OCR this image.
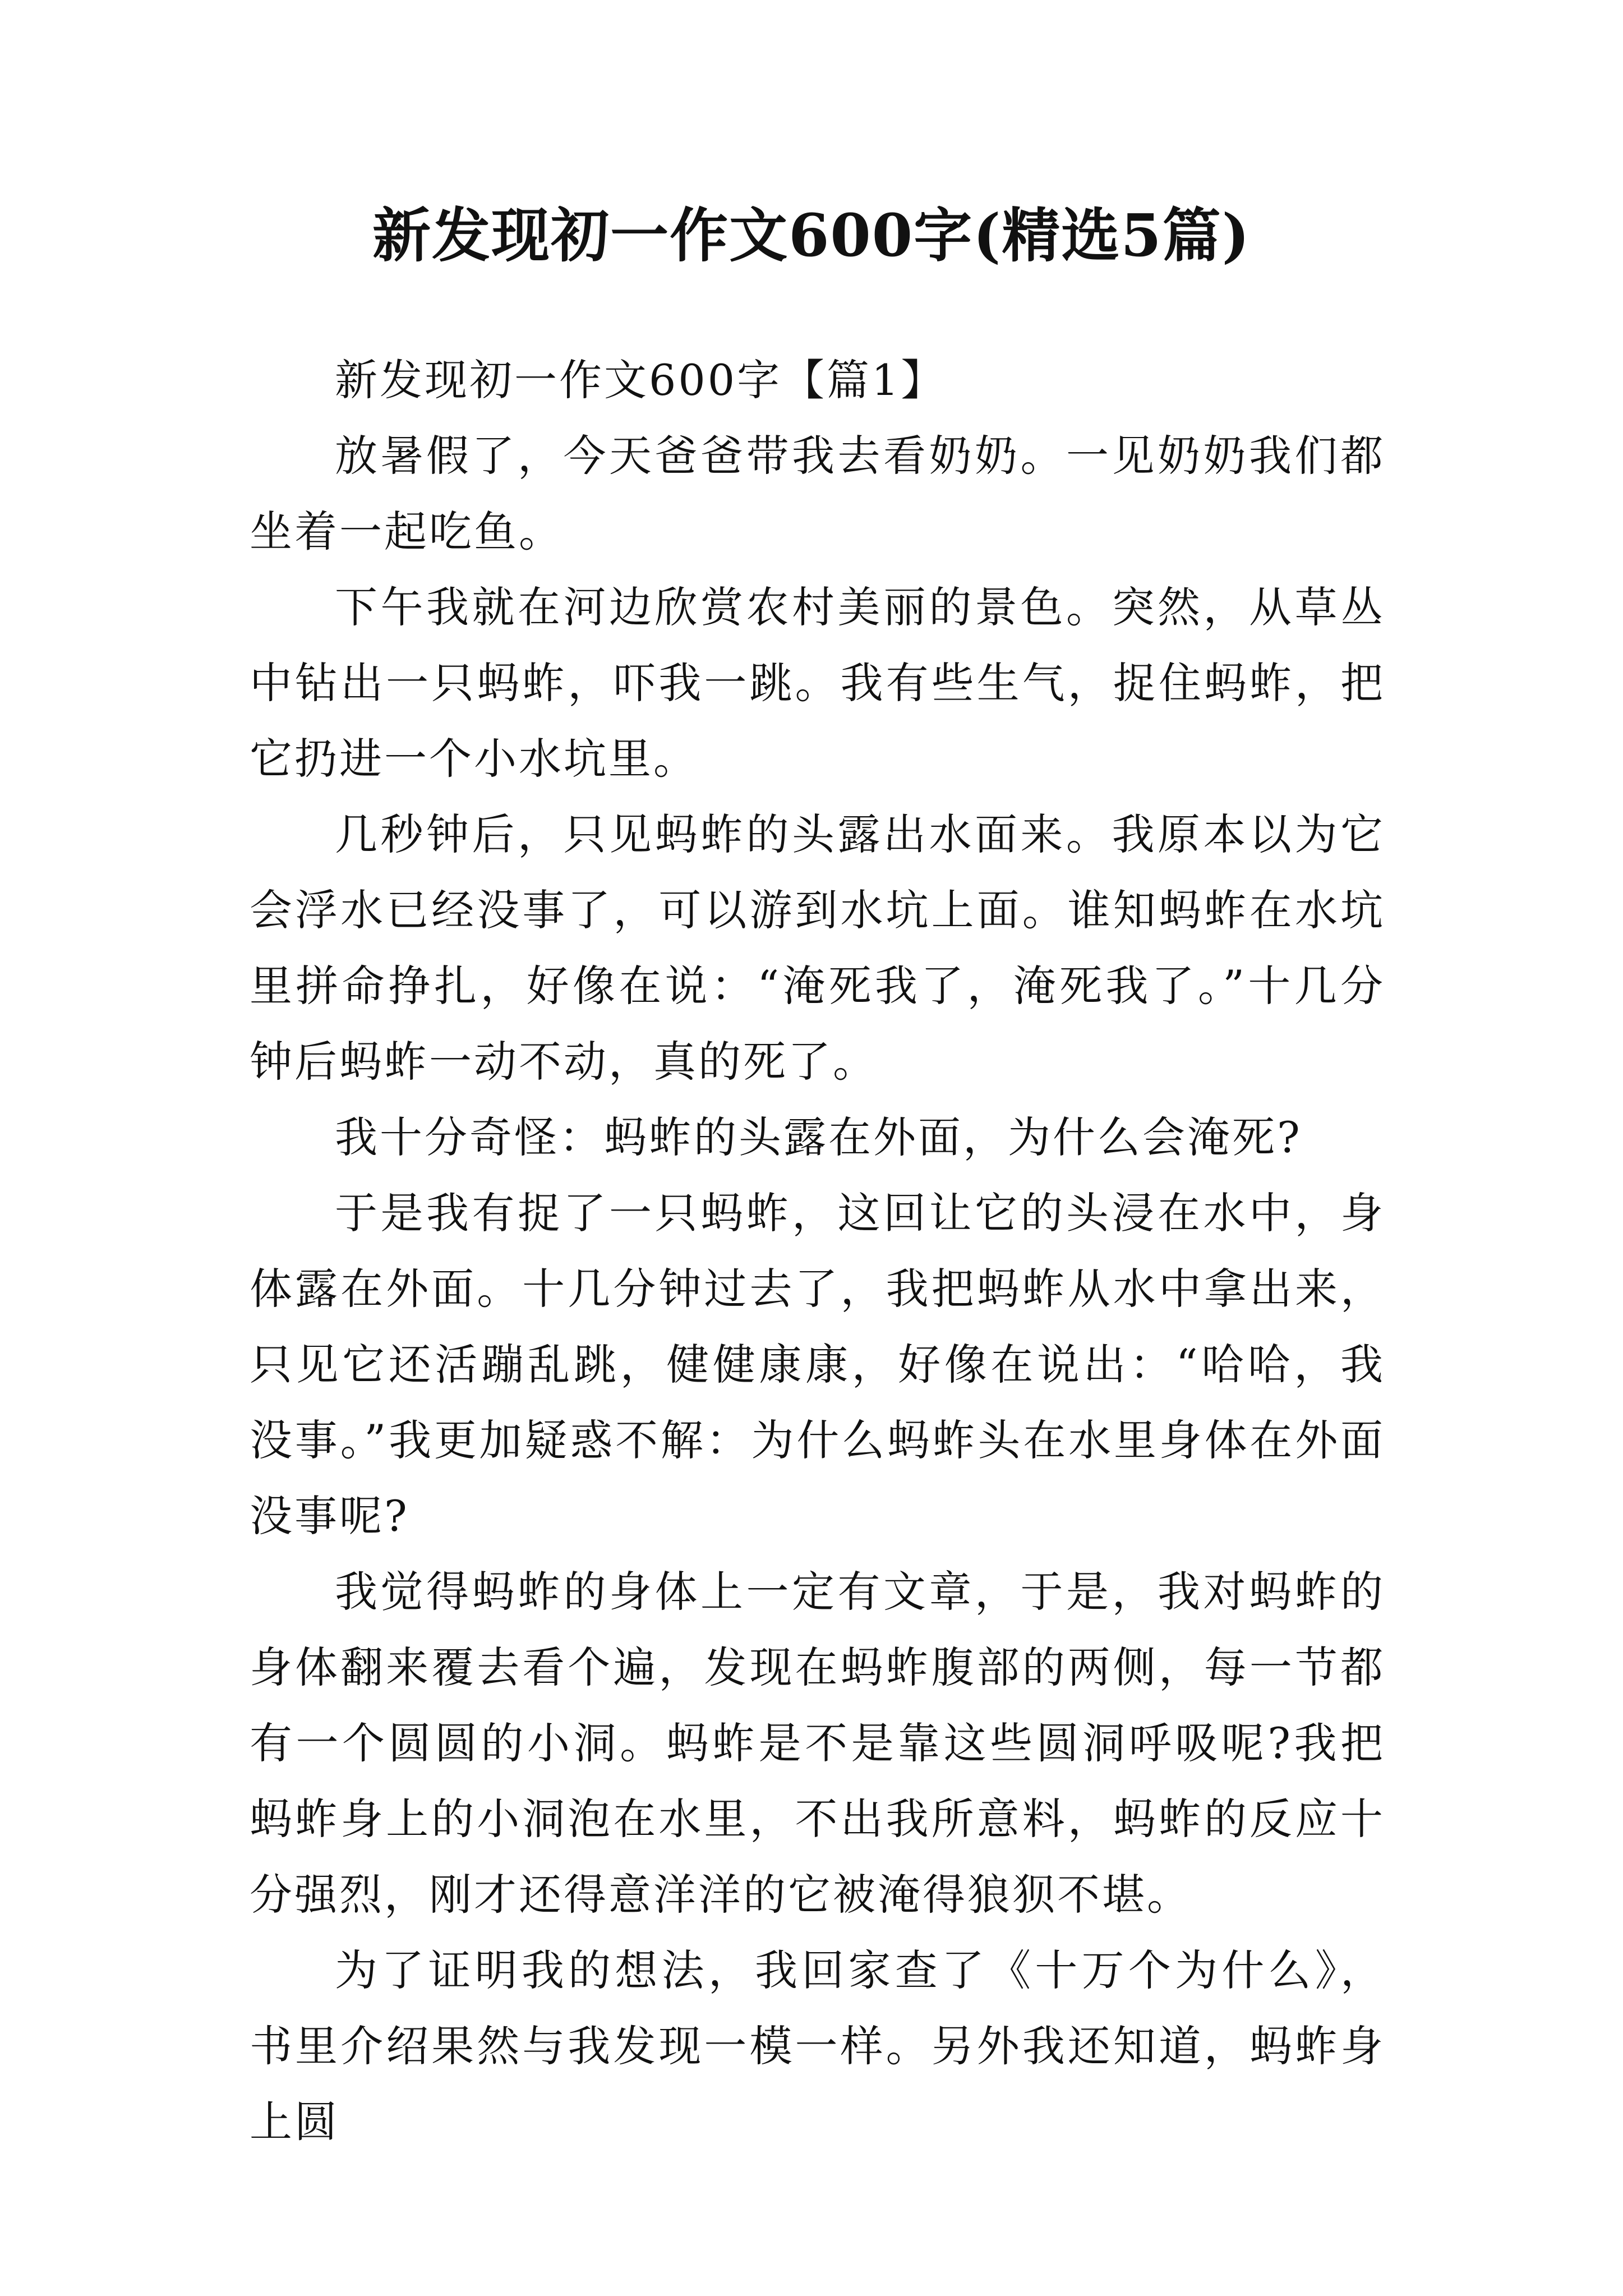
新发现初一作文600字(精选5篇)

新发现初一作文600字【篇1】

放暑假了，今天爸爸带我去看奶奶。一见奶奶我们都坐着一起吃鱼。

下午我就在河边欣赏农村美丽的景色。突然，从草丛中钻出一只蚂蚱，吓我一跳。我有些生气，捉住蚂蚱，把它扔进一个小水坑里。

几秒钟后，只见蚂蚱的头露出水面来。我原本以为它会浮水已经没事了，可以游到水坑上面。谁知蚂蚱在水坑里拼命挣扎，好像在说：“淹死我了，淹死我了。”十几分钟后蚂蚱一动不动，真的死了。

我十分奇怪：蚂蚱的头露在外面，为什么会淹死?

于是我有捉了一只蚂蚱，这回让它的头浸在水中，身体露在外面。十几分钟过去了，我把蚂蚱从水中拿出来，只见它还活蹦乱跳，健健康康，好像在说出：“哈哈，我没事。”我更加疑惑不解：为什么蚂蚱头在水里身体在外面没事呢?

我觉得蚂蚱的身体上一定有文章，于是，我对蚂蚱的身体翻来覆去看个遍，发现在蚂蚱腹部的两侧，每一节都有一个圆圆的小洞。蚂蚱是不是靠这些圆洞呼吸呢?我把蚂蚱身上的小洞泡在水里，不出我所意料，蚂蚱的反应十分强烈，刚才还得意洋洋的它被淹得狼狈不堪。

为了证明我的想法，我回家查了《十万个为什么》，书里介绍果然与我发现一模一样。另外我还知道，蚂蚱身上圆
